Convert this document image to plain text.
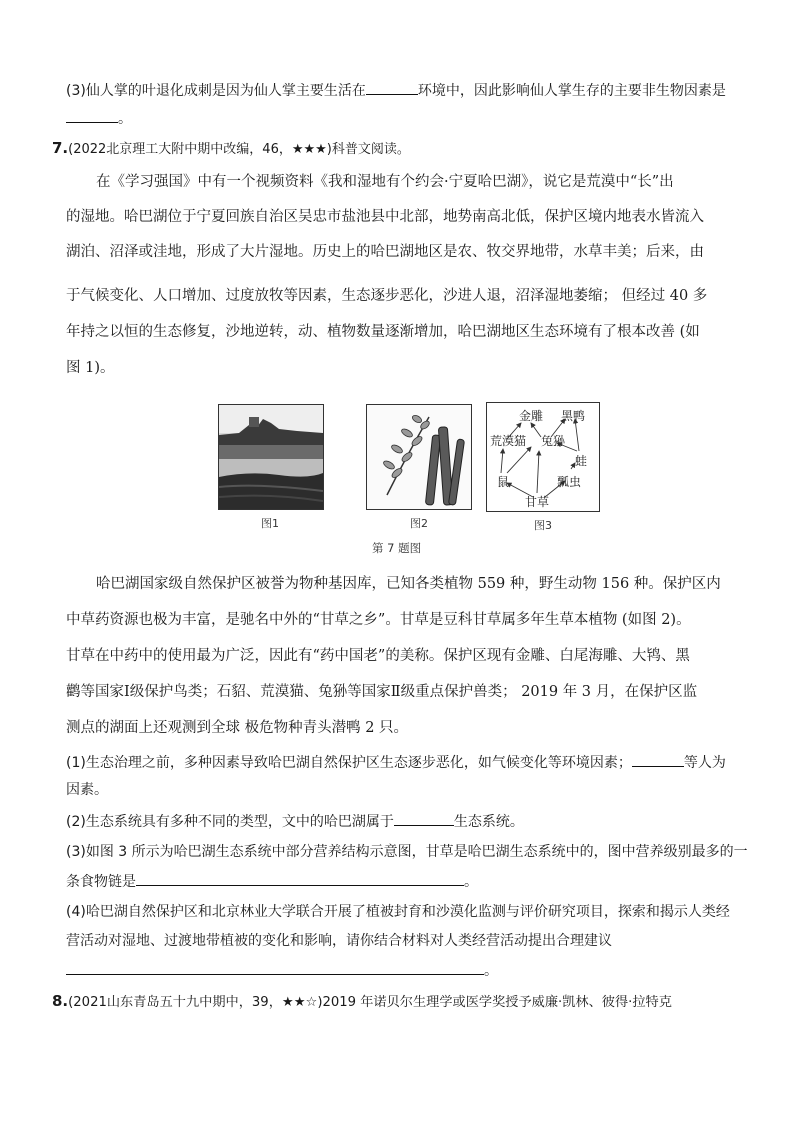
(3)仙人掌的叶退化成刺是因为仙人掌主要生活在	环境中，因此影响仙人掌生存的主要非生物因素是
。
7.(2022北京理工大附中期中改编，46，★★★)科普文阅读。
在《学习强国》中有一个视频资料《我和湿地有个约会·宁夏哈巴湖》，说它是荒漠中“长”出
的湿地。哈巴湖位于宁夏回族自治区吴忠市盐池县中北部，地势南高北低，保护区境内地表水皆流入
湖泊、沼泽或洼地，形成了大片湿地。历史上的哈巴湖地区是农、牧交界地带，水草丰美；后来，由
于气候变化、人口增加、过度放牧等因素，生态逐步恶化，沙进人退，沼泽湿地萎缩； 但经过 40 多
年持之以恒的生态修复，沙地逆转，动、植物数量逐渐增加，哈巴湖地区生态环境有了根本改善 (如
图 1)。
图1	图2
金雕 黑鸭
荒漠猫 兔狲
蛙
鼠	瓢虫
甘草
图3
第 7 题图
哈巴湖国家级自然保护区被誉为物种基因库，已知各类植物 559 种，野生动物 156 种。保护区内
中草药资源也极为丰富，是驰名中外的“甘草之乡”。甘草是豆科甘草属多年生草本植物 (如图 2)。
甘草在中药中的使用最为广泛，因此有“药中国老”的美称。保护区现有金雕、白尾海雕、大鸨、黑
鹳等国家Ⅰ级保护鸟类；石貂、荒漠猫、兔狲等国家Ⅱ级重点保护兽类； 2019 年 3 月，在保护区监
测点的湖面上还观测到全球 极危物种青头潜鸭 2 只。
(1)生态治理之前，多种因素导致哈巴湖自然保护区生态逐步恶化，如气候变化等环境因素；	等人为
因素。
(2)生态系统具有多种不同的类型，文中的哈巴湖属于	生态系统。
(3)如图 3 所示为哈巴湖生态系统中部分营养结构示意图，甘草是哈巴湖生态系统中的，图中营养级别最多的一
条食物链是	。
(4)哈巴湖自然保护区和北京林业大学联合开展了植被封育和沙漠化监测与评价研究项目，探索和揭示人类经
营活动对湿地、过渡地带植被的变化和影响，请你结合材料对人类经营活动提出合理建议
。
8.(2021山东青岛五十九中期中，39，★★☆)2019 年诺贝尔生理学或医学奖授予威廉·凯林、彼得·拉特克
